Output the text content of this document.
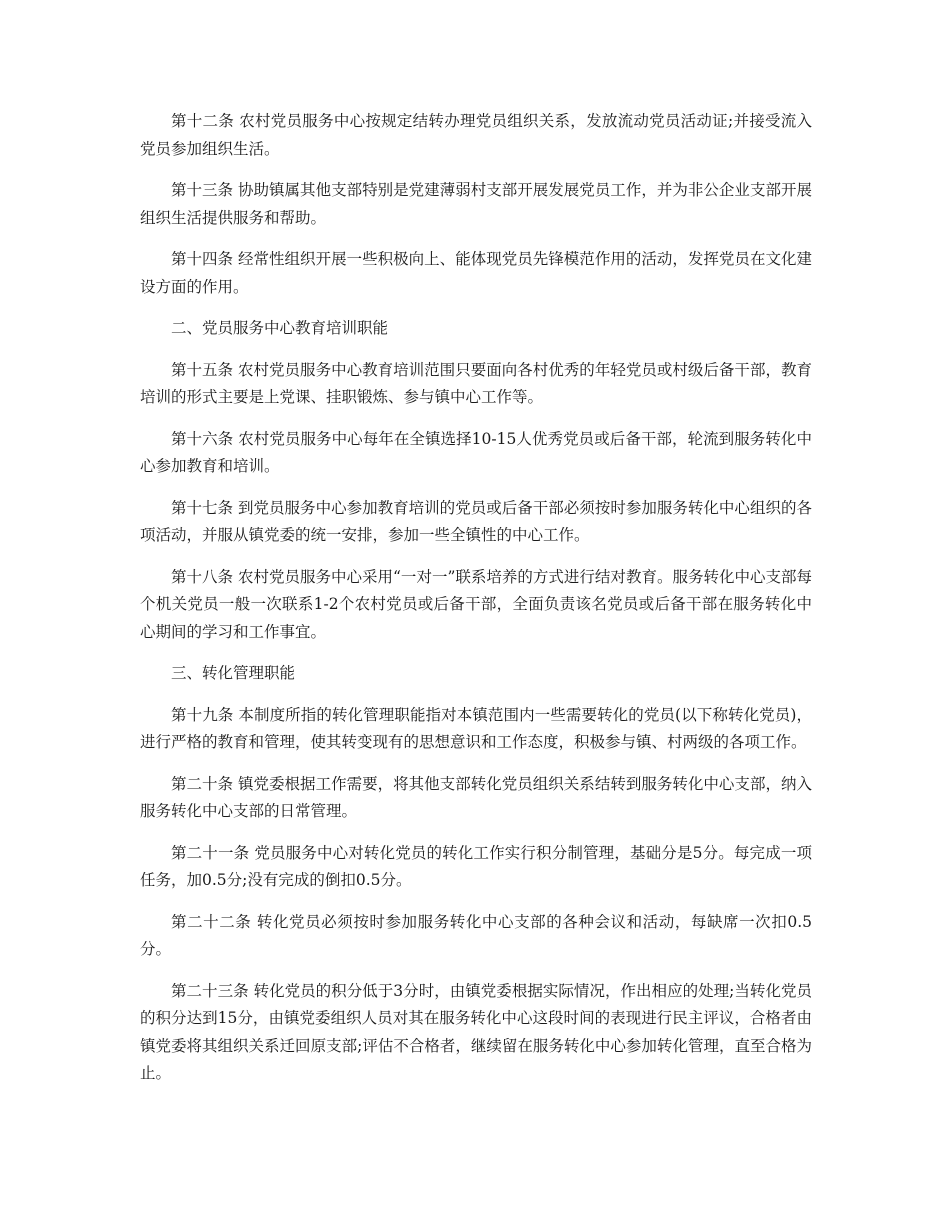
第十二条 农村党员服务中心按规定结转办理党员组织关系，发放流动党员活动证;并接受流入党员参加组织生活。

第十三条 协助镇属其他支部特别是党建薄弱村支部开展发展党员工作，并为非公企业支部开展组织生活提供服务和帮助。

第十四条 经常性组织开展一些积极向上、能体现党员先锋模范作用的活动，发挥党员在文化建设方面的作用。

二、党员服务中心教育培训职能

第十五条 农村党员服务中心教育培训范围只要面向各村优秀的年轻党员或村级后备干部，教育培训的形式主要是上党课、挂职锻炼、参与镇中心工作等。

第十六条 农村党员服务中心每年在全镇选择10-15人优秀党员或后备干部，轮流到服务转化中心参加教育和培训。

第十七条 到党员服务中心参加教育培训的党员或后备干部必须按时参加服务转化中心组织的各项活动，并服从镇党委的统一安排，参加一些全镇性的中心工作。

第十八条 农村党员服务中心采用“一对一”联系培养的方式进行结对教育。服务转化中心支部每个机关党员一般一次联系1-2个农村党员或后备干部，全面负责该名党员或后备干部在服务转化中心期间的学习和工作事宜。

三、转化管理职能

第十九条 本制度所指的转化管理职能指对本镇范围内一些需要转化的党员(以下称转化党员)，进行严格的教育和管理，使其转变现有的思想意识和工作态度，积极参与镇、村两级的各项工作。

第二十条 镇党委根据工作需要，将其他支部转化党员组织关系结转到服务转化中心支部，纳入服务转化中心支部的日常管理。

第二十一条 党员服务中心对转化党员的转化工作实行积分制管理，基础分是5分。每完成一项任务，加0.5分;没有完成的倒扣0.5分。

第二十二条 转化党员必须按时参加服务转化中心支部的各种会议和活动，每缺席一次扣0.5分。

第二十三条 转化党员的积分低于3分时，由镇党委根据实际情况，作出相应的处理;当转化党员的积分达到15分，由镇党委组织人员对其在服务转化中心这段时间的表现进行民主评议，合格者由镇党委将其组织关系迁回原支部;评估不合格者，继续留在服务转化中心参加转化管理，直至合格为止。
